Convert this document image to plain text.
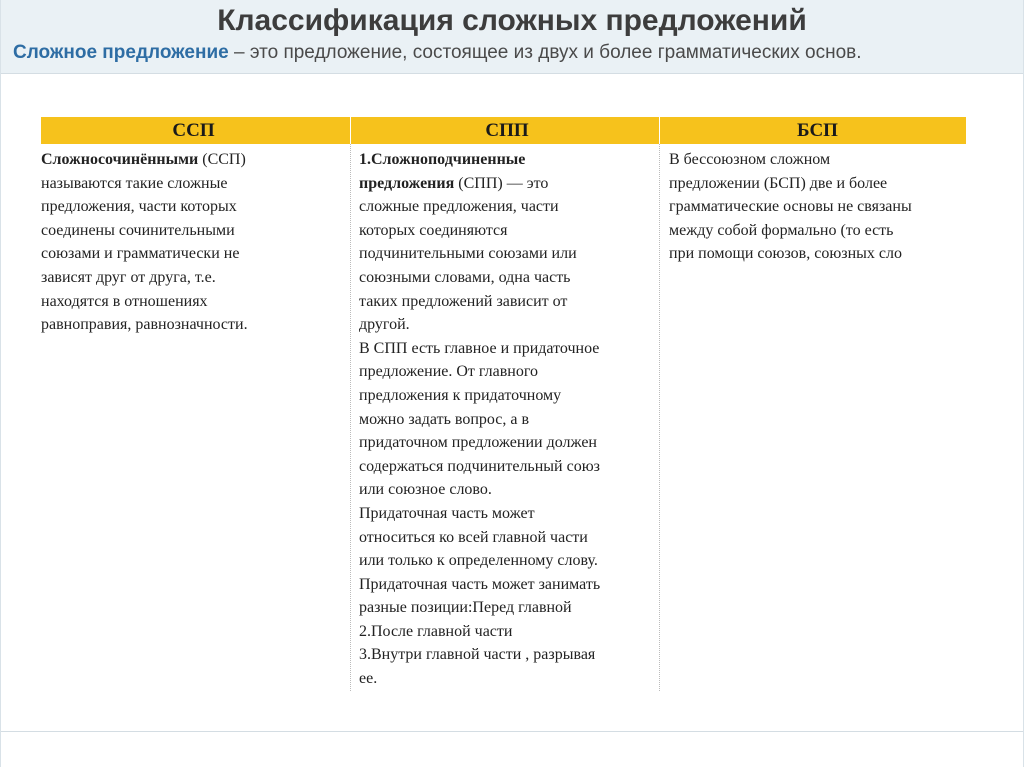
Классификация сложных предложений
Сложное предложение – это предложение, состоящее из двух и более грамматических основ.
ССП	СПП	БСП
Сложносочинёнными (ССП)
называются такие сложные
предложения, части которых
соединены сочинительными
союзами и грамматически не
зависят друг от друга, т.е.
находятся в отношениях
равноправия, равнозначности.
1.Сложноподчиненные
предложения (СПП) — это
сложные предложения, части
которых соединяются
подчинительными союзами или
союзными словами, одна часть
таких предложений зависит от
другой.
В СПП есть главное и придаточное
предложение. От главного
предложения к придаточному
можно задать вопрос, а в
придаточном предложении должен
содержаться подчинительный союз
или союзное слово.
Придаточная часть может
относиться ко всей главной части
или только к определенному слову.
Придаточная часть может занимать
разные позиции:Перед главной
2.После главной части
3.Внутри главной части , разрывая
ее.
В бессоюзном сложном
предложении (БСП) две и более
грамматические основы не связаны
между собой формально (то есть
при помощи союзов, союзных сло
